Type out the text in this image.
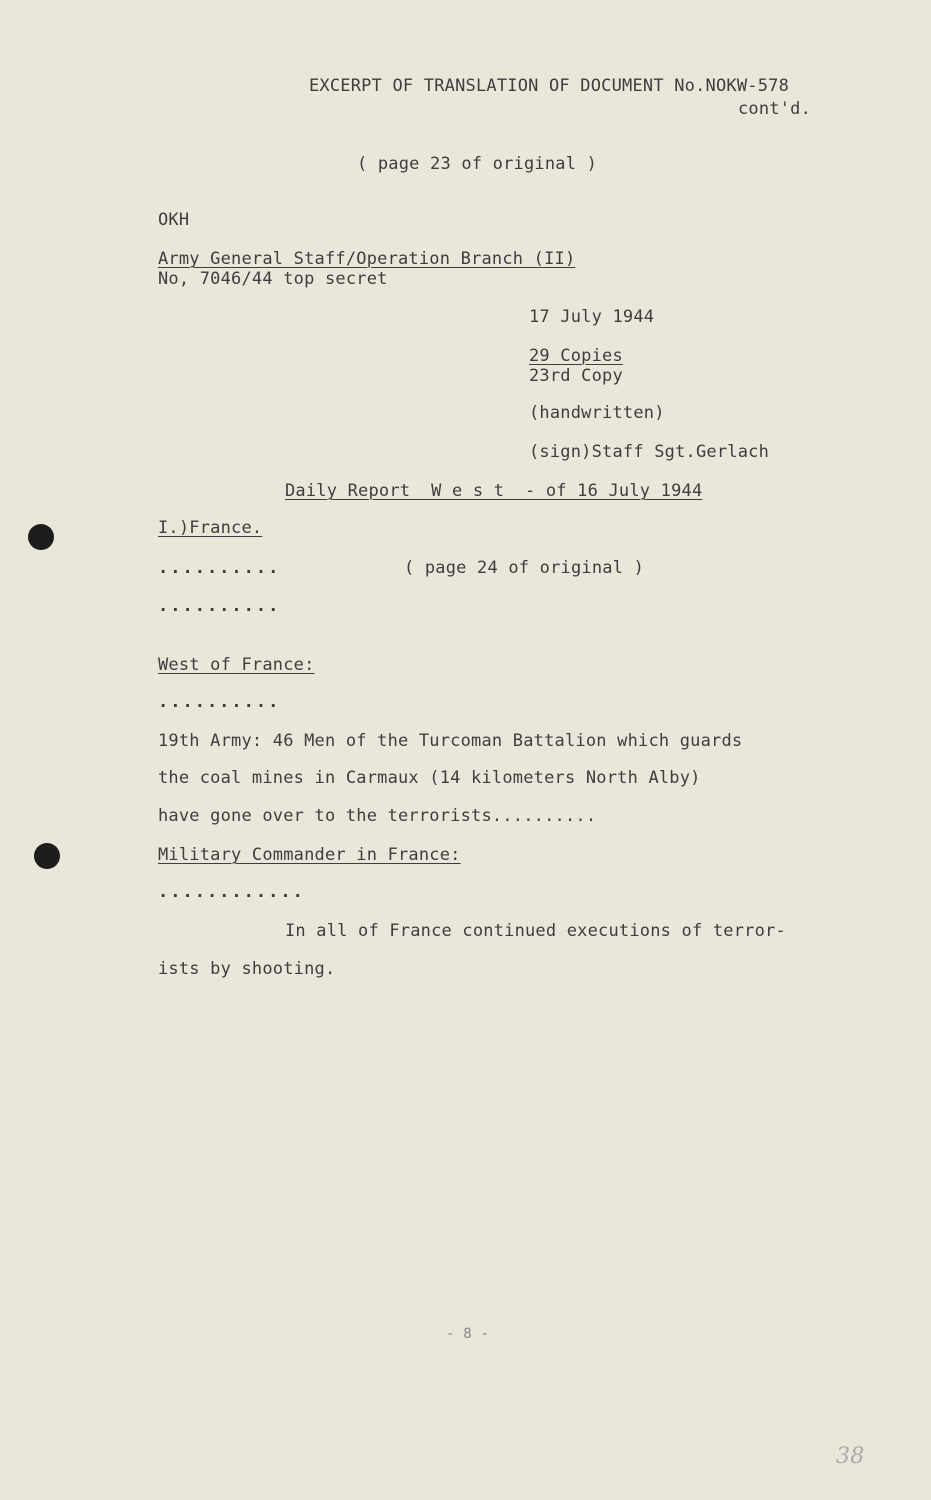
EXCERPT OF TRANSLATION OF DOCUMENT No.NOKW-578
cont'd.
( page 23 of original )
OKH
Army General Staff/Operation Branch (II)
No, 7046/44 top secret
17 July 1944
29 Copies
23rd Copy
(handwritten)
(sign)Staff Sgt.Gerlach
Daily Report  W e s t  - of 16 July 1944
I.)France.
..........	( page 24 of original )
..........
West of France:
..........
19th Army: 46 Men of the Turcoman Battalion which guards
the coal mines in Carmaux (14 kilometers North Alby)
have gone over to the terrorists..........
Military Commander in France:
............
In all of France continued executions of terror-
ists by shooting.
- 8 -
38
